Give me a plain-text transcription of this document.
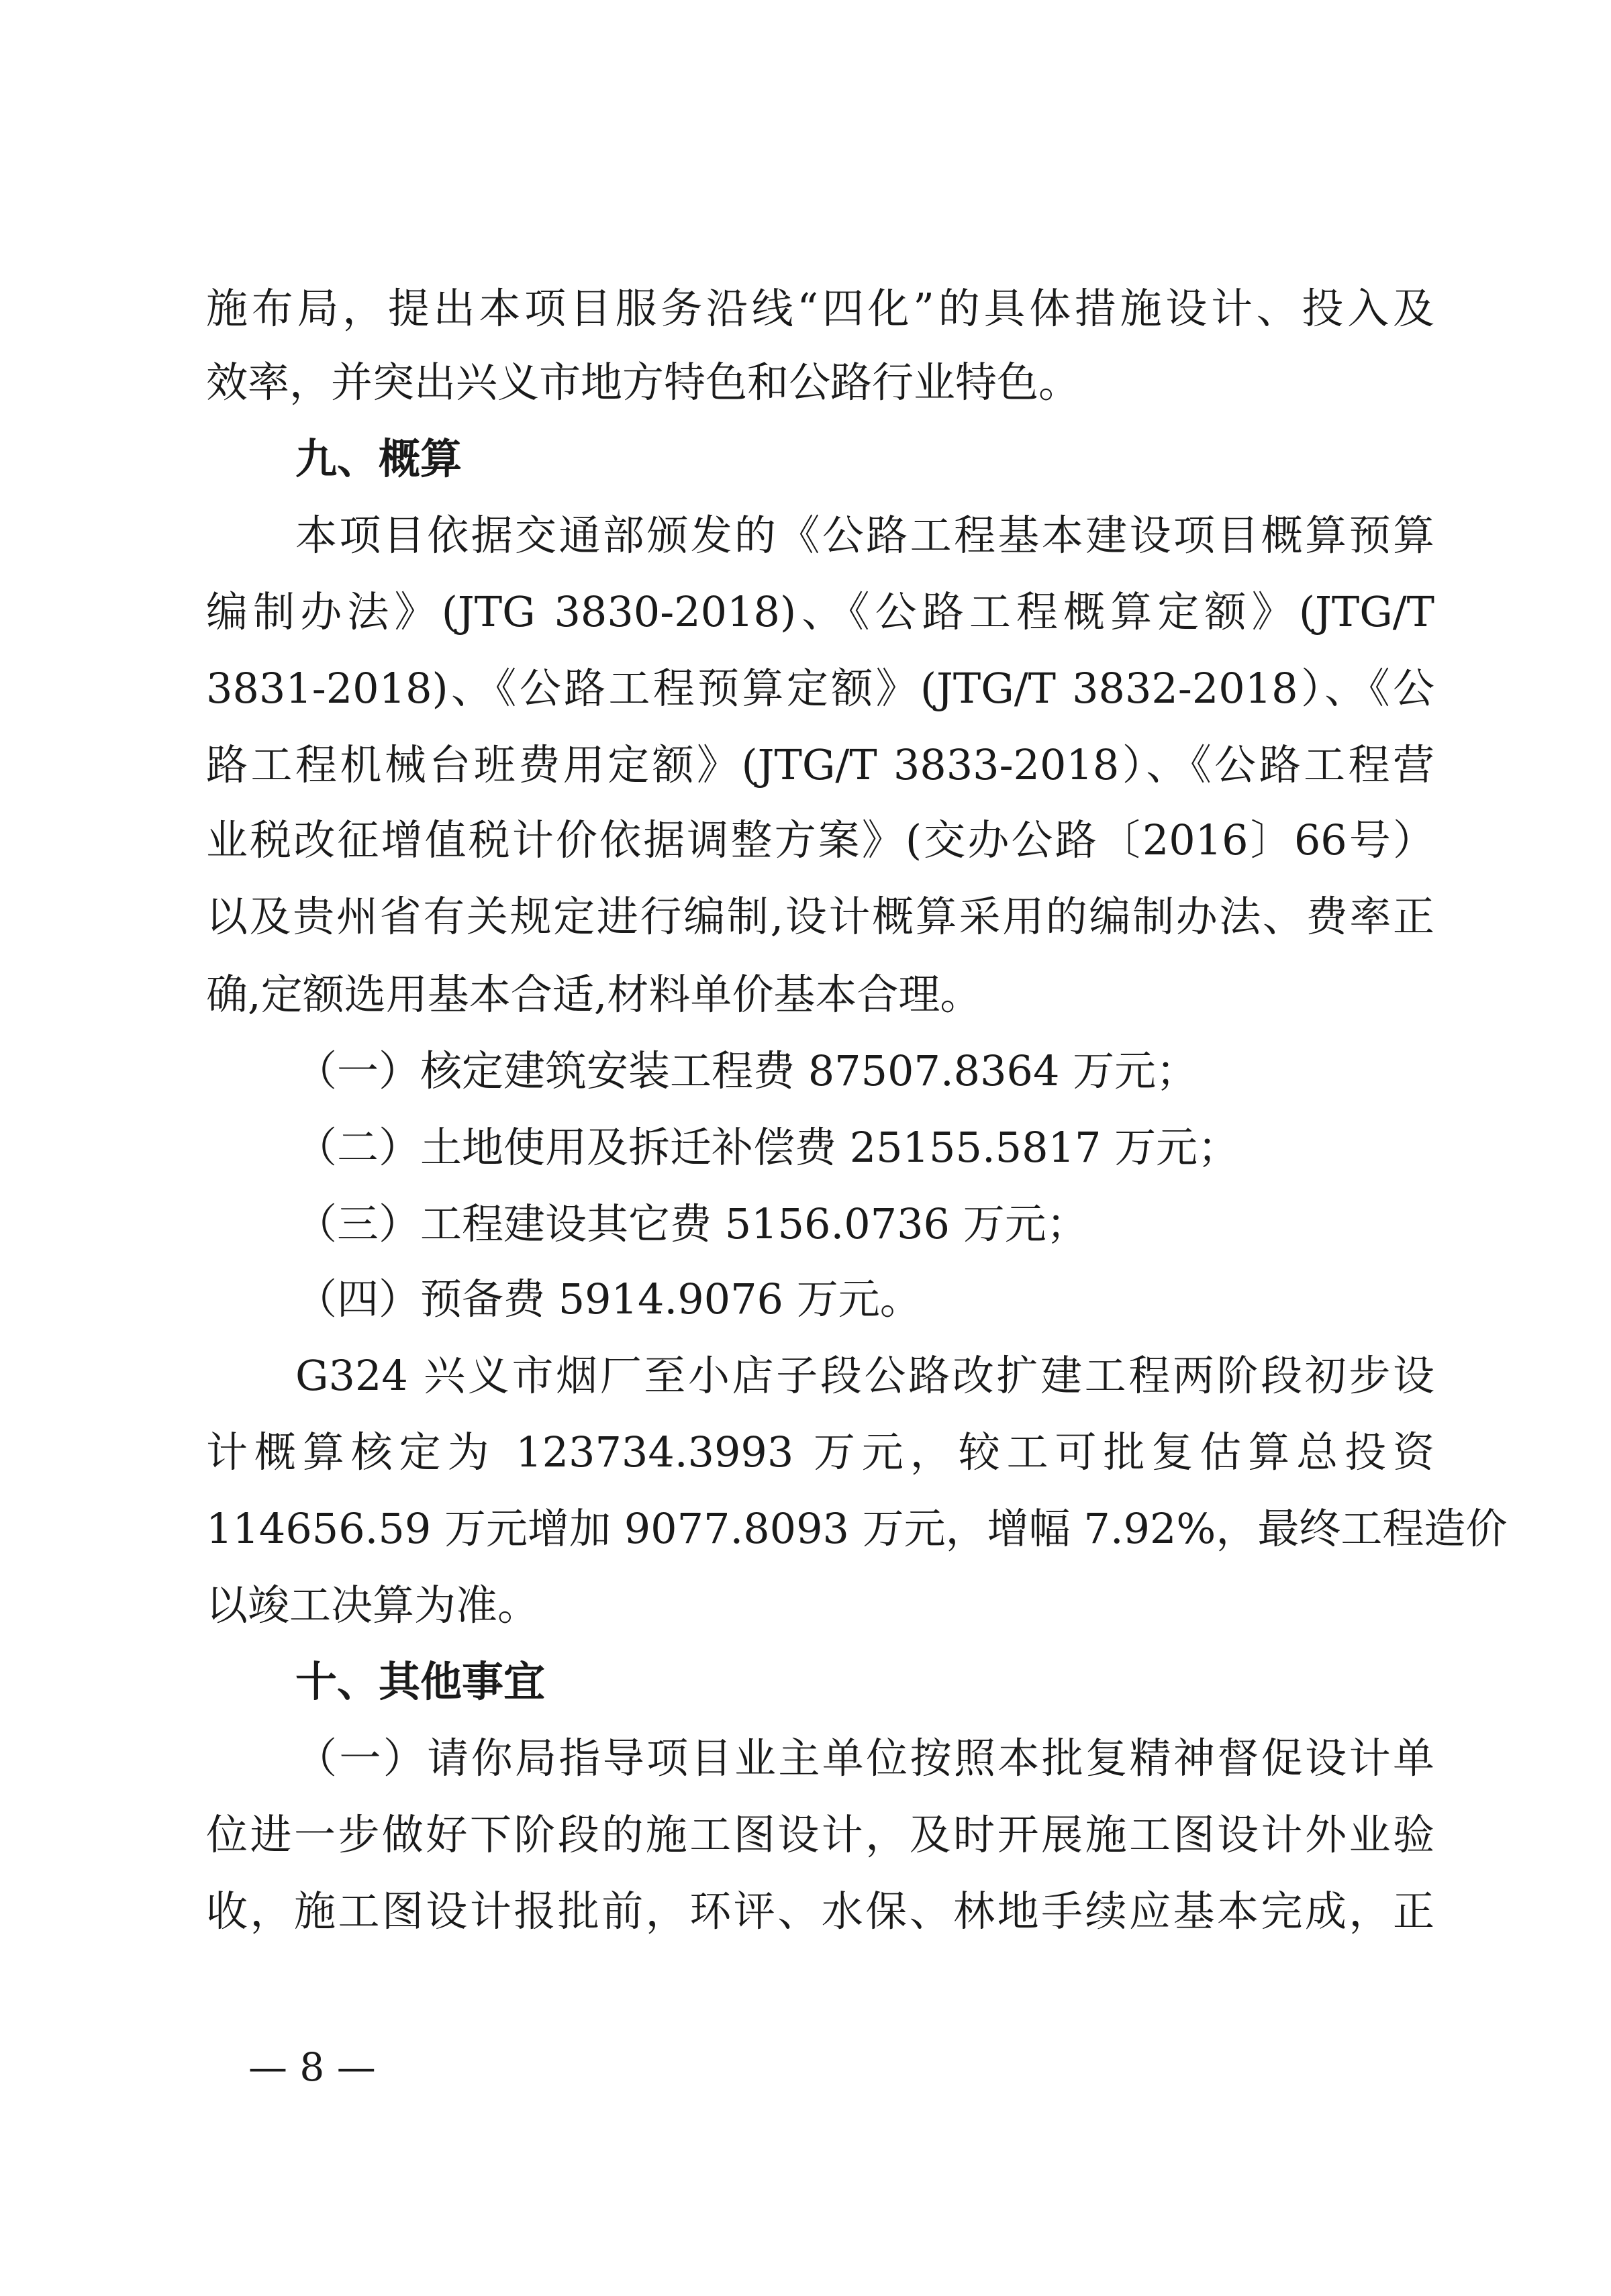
施布局，提出本项目服务沿线“四化”的具体措施设计、投入及
效率，并突出兴义市地方特色和公路行业特色。
九、概算
本项目依据交通部颁发的《公路工程基本建设项目概算预算
编制办法》(JTG 3830-2018)、《公路工程概算定额》(JTG/T
3831-2018)、《公路工程预算定额》(JTG/T 3832-2018）、《公
路工程机械台班费用定额》(JTG/T 3833-2018）、《公路工程营
业税改征增值税计价依据调整方案》(交办公路〔2016〕66号）
以及贵州省有关规定进行编制,设计概算采用的编制办法、费率正
确,定额选用基本合适,材料单价基本合理。
（一）核定建筑安装工程费 87507.8364 万元；
（二）土地使用及拆迁补偿费 25155.5817 万元；
（三）工程建设其它费 5156.0736 万元；
（四）预备费 5914.9076 万元。
G324 兴义市烟厂至小店子段公路改扩建工程两阶段初步设
计概算核定为 123734.3993 万元，较工可批复估算总投资
114656.59 万元增加 9077.8093 万元，增幅 7.92%，最终工程造价
以竣工决算为准。
十、其他事宜
（一）请你局指导项目业主单位按照本批复精神督促设计单
位进一步做好下阶段的施工图设计，及时开展施工图设计外业验
收，施工图设计报批前，环评、水保、林地手续应基本完成，正
— 8 —
